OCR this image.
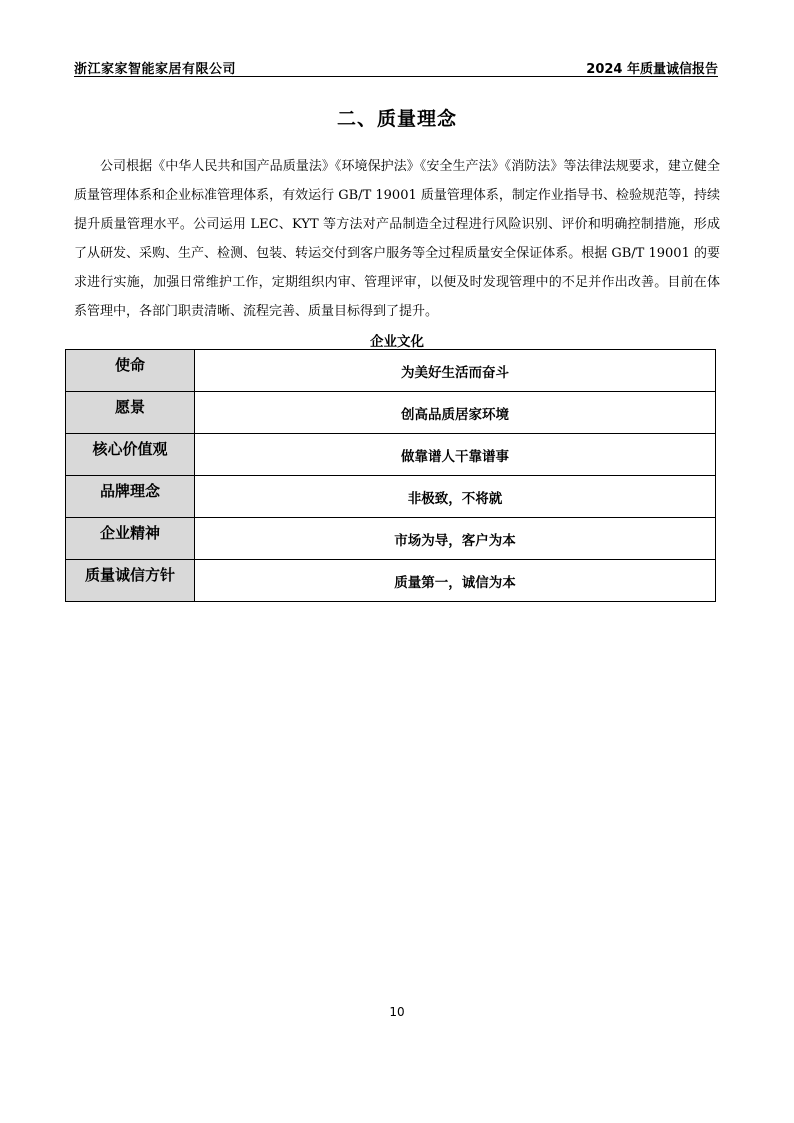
浙江家家智能家居有限公司	2024 年质量诚信报告
二、质量理念

公司根据《中华人民共和国产品质量法》《环境保护法》《安全生产法》《消防法》等法律法规要求，建立健全质量管理体系和企业标准管理体系，有效运行 GB/T 19001 质量管理体系，制定作业指导书、检验规范等，持续提升质量管理水平。公司运用 LEC、KYT 等方法对产品制造全过程进行风险识别、评价和明确控制措施，形成了从研发、采购、生产、检测、包装、转运交付到客户服务等全过程质量安全保证体系。根据 GB/T 19001 的要求进行实施，加强日常维护工作，定期组织内审、管理评审，以便及时发现管理中的不足并作出改善。目前在体系管理中，各部门职责清晰、流程完善、质量目标得到了提升。

企业文化
使命	为美好生活而奋斗
愿景	创高品质居家环境
核心价值观	做靠谱人干靠谱事
品牌理念	非极致，不将就
企业精神	市场为导，客户为本
质量诚信方针	质量第一，诚信为本
10
